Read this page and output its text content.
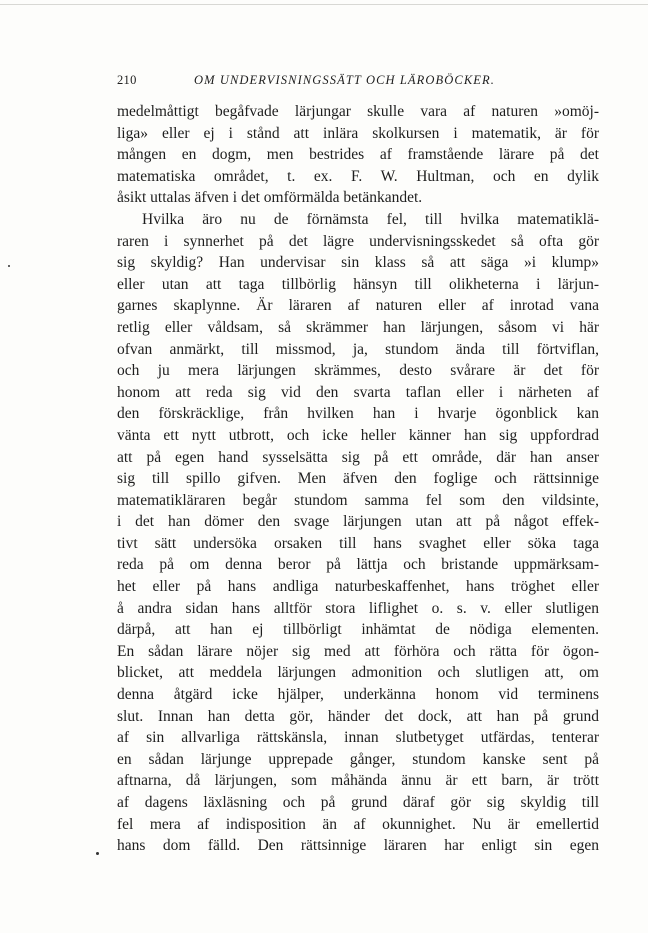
210	OM UNDERVISNINGSSÄTT OCH LÄROBÖCKER.
medelmåttigt begåfvade lärjungar skulle vara af naturen »omöj-
liga» eller ej i stånd att inlära skolkursen i matematik, är för
mången en dogm, men bestrides af framstående lärare på det
matematiska området, t. ex. F. W. Hultman, och en dylik
åsikt uttalas äfven i det omförmälda betänkandet.
Hvilka äro nu de förnämsta fel, till hvilka matematiklä-
raren i synnerhet på det lägre undervisningsskedet så ofta gör
sig skyldig? Han undervisar sin klass så att säga »i klump»
eller utan att taga tillbörlig hänsyn till olikheterna i lärjun-
garnes skaplynne. Är läraren af naturen eller af inrotad vana
retlig eller våldsam, så skrämmer han lärjungen, såsom vi här
ofvan anmärkt, till missmod, ja, stundom ända till förtviflan,
och ju mera lärjungen skrämmes, desto svårare är det för
honom att reda sig vid den svarta taflan eller i närheten af
den förskräcklige, från hvilken han i hvarje ögonblick kan
vänta ett nytt utbrott, och icke heller känner han sig uppfordrad
att på egen hand sysselsätta sig på ett område, där han anser
sig till spillo gifven. Men äfven den foglige och rättsinnige
matematikläraren begår stundom samma fel som den vildsinte,
i det han dömer den svage lärjungen utan att på något effek-
tivt sätt undersöka orsaken till hans svaghet eller söka taga
reda på om denna beror på lättja och bristande uppmärksam-
het eller på hans andliga naturbeskaffenhet, hans tröghet eller
å andra sidan hans alltför stora liflighet o. s. v. eller slutligen
därpå, att han ej tillbörligt inhämtat de nödiga elementen.
En sådan lärare nöjer sig med att förhöra och rätta för ögon-
blicket, att meddela lärjungen admonition och slutligen att, om
denna åtgärd icke hjälper, underkänna honom vid terminens
slut. Innan han detta gör, händer det dock, att han på grund
af sin allvarliga rättskänsla, innan slutbetyget utfärdas, tenterar
en sådan lärjunge upprepade gånger, stundom kanske sent på
aftnarna, då lärjungen, som måhända ännu är ett barn, är trött
af dagens läxläsning och på grund däraf gör sig skyldig till
fel mera af indisposition än af okunnighet. Nu är emellertid
hans dom fälld. Den rättsinnige läraren har enligt sin egen
